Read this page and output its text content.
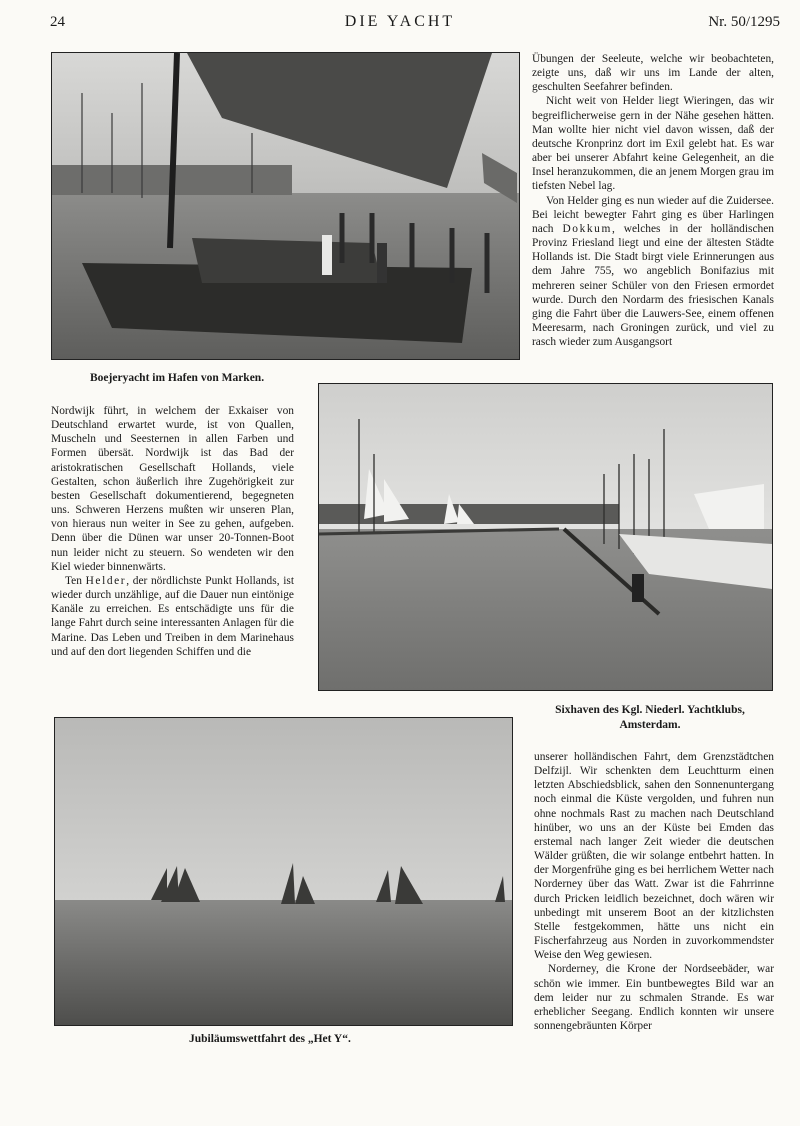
24	DIE YACHT	Nr. 50/1295
Boejeryacht im Hafen von Marken.

Übungen der Seeleute, welche wir beobachteten, zeigte uns, daß wir uns im Lande der alten, geschulten Seefahrer befinden.

Nicht weit von Helder liegt Wieringen, das wir begreiflicherweise gern in der Nähe gesehen hätten. Man wollte hier nicht viel davon wissen, daß der deutsche Kronprinz dort im Exil gelebt hat. Es war aber bei unserer Abfahrt keine Gelegenheit, an die Insel heranzukommen, die an jenem Morgen grau im tiefsten Nebel lag.

Von Helder ging es nun wieder auf die Zuidersee. Bei leicht bewegter Fahrt ging es über Harlingen nach Dokkum, welches in der holländischen Provinz Friesland liegt und eine der ältesten Städte Hollands ist. Die Stadt birgt viele Erinnerungen aus dem Jahre 755, wo angeblich Bonifazius mit mehreren seiner Schüler von den Friesen ermordet wurde. Durch den Nordarm des friesischen Kanals ging die Fahrt über die Lauwers-See, einem offenen Meeresarm, nach Groningen zurück, und viel zu rasch wieder zum Ausgangsort

Nordwijk führt, in welchem der Exkaiser von Deutschland erwartet wurde, ist von Quallen, Muscheln und Seesternen in allen Farben und Formen übersät. Nordwijk ist das Bad der aristokratischen Gesellschaft Hollands, viele Gestalten, schon äußerlich ihre Zugehörigkeit zur besten Gesellschaft dokumentierend, begegneten uns. Schweren Herzens mußten wir unseren Plan, von hieraus nun weiter in See zu gehen, aufgeben. Denn über die Dünen war unser 20-Tonnen-Boot nun leider nicht zu steuern. So wendeten wir den Kiel wieder binnenwärts.

Ten Helder, der nördlichste Punkt Hollands, ist wieder durch unzählige, auf die Dauer nun eintönige Kanäle zu erreichen. Es entschädigte uns für die lange Fahrt durch seine interessanten Anlagen für die Marine. Das Leben und Treiben in dem Marinehaus und auf den dort liegenden Schiffen und die

Sixhaven des Kgl. Niederl. Yachtklubs,
Amsterdam.
Jubiläumswettfahrt des „Het Y“.

unserer holländischen Fahrt, dem Grenzstädtchen Delfzijl. Wir schenkten dem Leuchtturm einen letzten Abschiedsblick, sahen den Sonnenuntergang noch einmal die Küste vergolden, und fuhren nun ohne nochmals Rast zu machen nach Deutschland hinüber, wo uns an der Küste bei Emden das erstemal nach langer Zeit wieder die deutschen Wälder grüßten, die wir solange entbehrt hatten. In der Morgenfrühe ging es bei herrlichem Wetter nach Norderney über das Watt. Zwar ist die Fahrrinne durch Pricken leidlich bezeichnet, doch wären wir unbedingt mit unserem Boot an der kitzlichsten Stelle festgekommen, hätte uns nicht ein Fischerfahrzeug aus Norden in zuvorkommendster Weise den Weg gewiesen.

Norderney, die Krone der Nordseebäder, war schön wie immer. Ein buntbewegtes Bild war an dem leider nur zu schmalen Strande. Es war erheblicher Seegang. Endlich konnten wir unsere sonnengebräunten Körper
